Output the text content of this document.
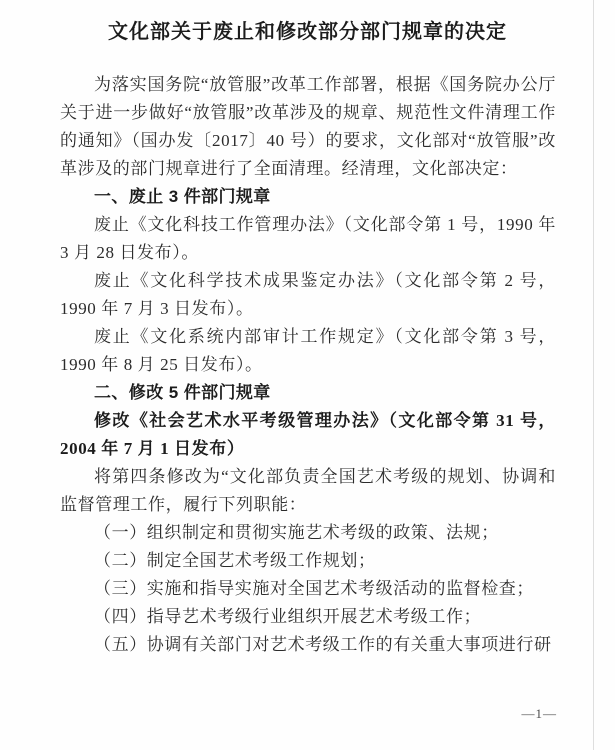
文化部关于废止和修改部分部门规章的决定

为落实国务院“放管服”改革工作部署，根据《国务院办公厅关于进一步做好“放管服”改革涉及的规章、规范性文件清理工作的通知》（国办发〔2017〕40 号）的要求，文化部对“放管服”改革涉及的部门规章进行了全面清理。经清理，文化部决定：

一、废止 3 件部门规章

废止《文化科技工作管理办法》（文化部令第 1 号，1990 年 3 月 28 日发布）。

废止《文化科学技术成果鉴定办法》（文化部令第 2 号，1990 年 7 月 3 日发布）。

废止《文化系统内部审计工作规定》（文化部令第 3 号，1990 年 8 月 25 日发布）。

二、修改 5 件部门规章

修改《社会艺术水平考级管理办法》（文化部令第 31 号，2004 年 7 月 1 日发布）

将第四条修改为“文化部负责全国艺术考级的规划、协调和监督管理工作，履行下列职能：

（一）组织制定和贯彻实施艺术考级的政策、法规；

（二）制定全国艺术考级工作规划；

（三）实施和指导实施对全国艺术考级活动的监督检查；

（四）指导艺术考级行业组织开展艺术考级工作；

（五）协调有关部门对艺术考级工作的有关重大事项进行研

—1—
